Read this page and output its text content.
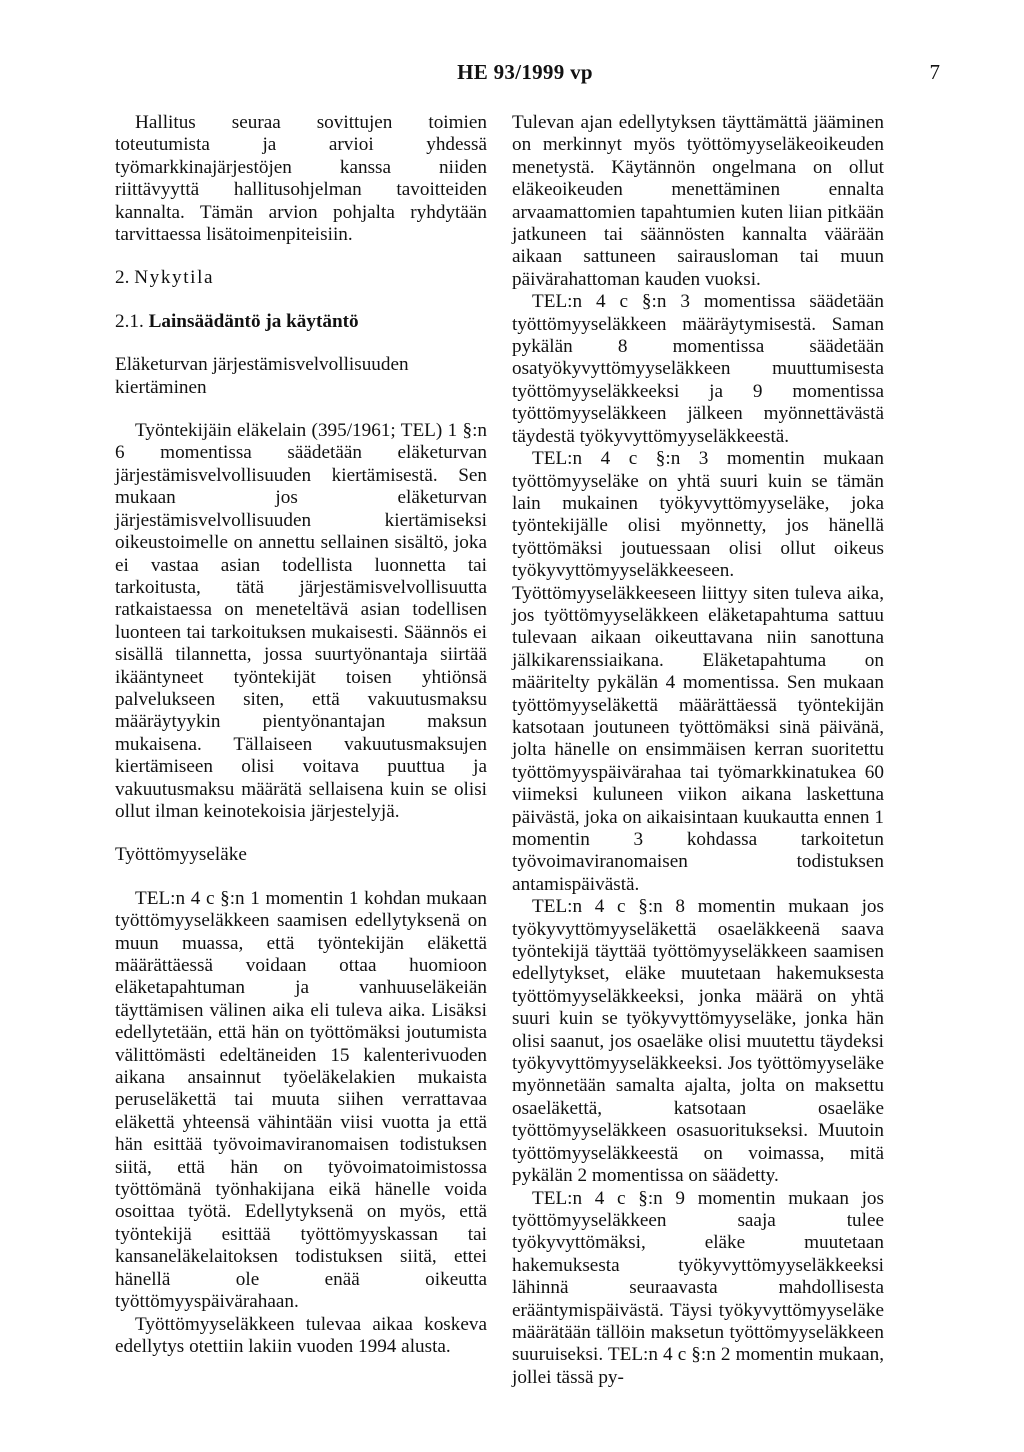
HE 93/1999 vp	7

Hallitus seuraa sovittujen toimien toteutumista ja arvioi yhdessä työmarkkinajärjestöjen kanssa niiden riittävyyttä hallitusohjelman tavoitteiden kannalta. Tämän arvion pohjalta ryhdytään tarvittaessa lisätoimenpiteisiin.

2. Nykytila

2.1. Lainsäädäntö ja käytäntö

Eläketurvan järjestämisvelvollisuuden kiertäminen

Työntekijäin eläkelain (395/1961; TEL) 1 §:n 6 momentissa säädetään eläketurvan järjestämisvelvollisuuden kiertämisestä. Sen mukaan jos eläketurvan järjestämisvelvollisuuden kiertämiseksi oikeustoimelle on annettu sellainen sisältö, joka ei vastaa asian todellista luonnetta tai tarkoitusta, tätä järjestämisvelvollisuutta ratkaistaessa on meneteltävä asian todellisen luonteen tai tarkoituksen mukaisesti. Säännös ei sisällä tilannetta, jossa suurtyönantaja siirtää ikääntyneet työntekijät toisen yhtiönsä palvelukseen siten, että vakuutusmaksu määräytyykin pientyönantajan maksun mukaisena. Tällaiseen vakuutusmaksujen kiertämiseen olisi voitava puuttua ja vakuutusmaksu määrätä sellaisena kuin se olisi ollut ilman keinotekoisia järjestelyjä.

Työttömyyseläke

TEL:n 4 c §:n 1 momentin 1 kohdan mukaan työttömyyseläkkeen saamisen edellytyksenä on muun muassa, että työntekijän eläkettä määrättäessä voidaan ottaa huomioon eläketapahtuman ja vanhuuseläkeiän täyttämisen välinen aika eli tuleva aika. Lisäksi edellytetään, että hän on työttömäksi joutumista välittömästi edeltäneiden 15 kalenterivuoden aikana ansainnut työeläkelakien mukaista peruseläkettä tai muuta siihen verrattavaa eläkettä yhteensä vähintään viisi vuotta ja että hän esittää työvoimaviranomaisen todistuksen siitä, että hän on työvoimatoimistossa työttömänä työnhakijana eikä hänelle voida osoittaa työtä. Edellytyksenä on myös, että työntekijä esittää työttömyyskassan tai kansaneläkelaitoksen todistuksen siitä, ettei hänellä ole enää oikeutta työttömyyspäivärahaan.

Työttömyyseläkkeen tulevaa aikaa koskeva edellytys otettiin lakiin vuoden 1994 alusta.

Tulevan ajan edellytyksen täyttämättä jääminen on merkinnyt myös työttömyyseläkeoikeuden menetystä. Käytännön ongelmana on ollut eläkeoikeuden menettäminen ennalta arvaamattomien tapahtumien kuten liian pitkään jatkuneen tai säännösten kannalta väärään aikaan sattuneen sairausloman tai muun päivärahattoman kauden vuoksi.

TEL:n 4 c §:n 3 momentissa säädetään työttömyyseläkkeen määräytymisestä. Saman pykälän 8 momentissa säädetään osatyökyvyttömyyseläkkeen muuttumisesta työttömyyseläkkeeksi ja 9 momentissa työttömyyseläkkeen jälkeen myönnettävästä täydestä työkyvyttömyyseläkkeestä.

TEL:n 4 c §:n 3 momentin mukaan työttömyyseläke on yhtä suuri kuin se tämän lain mukainen työkyvyttömyyseläke, joka työntekijälle olisi myönnetty, jos hänellä työttömäksi joutuessaan olisi ollut oikeus työkyvyttömyyseläkkeeseen. Työttömyyseläkkeeseen liittyy siten tuleva aika, jos työttömyyseläkkeen eläketapahtuma sattuu tulevaan aikaan oikeuttavana niin sanottuna jälkikarenssiaikana. Eläketapahtuma on määritelty pykälän 4 momentissa. Sen mukaan työttömyyseläkettä määrättäessä työntekijän katsotaan joutuneen työttömäksi sinä päivänä, jolta hänelle on ensimmäisen kerran suoritettu työttömyyspäivärahaa tai työmarkkinatukea 60 viimeksi kuluneen viikon aikana laskettuna päivästä, joka on aikaisintaan kuukautta ennen 1 momentin 3 kohdassa tarkoitetun työvoimaviranomaisen todistuksen antamispäivästä.

TEL:n 4 c §:n 8 momentin mukaan jos työkyvyttömyyseläkettä osaeläkkeenä saava työntekijä täyttää työttömyyseläkkeen saamisen edellytykset, eläke muutetaan hakemuksesta työttömyyseläkkeeksi, jonka määrä on yhtä suuri kuin se työkyvyttömyyseläke, jonka hän olisi saanut, jos osaeläke olisi muutettu täydeksi työkyvyttömyyseläkkeeksi. Jos työttömyyseläke myönnetään samalta ajalta, jolta on maksettu osaeläkettä, katsotaan osaeläke työttömyyseläkkeen osasuoritukseksi. Muutoin työttömyyseläkkeestä on voimassa, mitä pykälän 2 momentissa on säädetty.

TEL:n 4 c §:n 9 momentin mukaan jos työttömyyseläkkeen saaja tulee työkyvyttömäksi, eläke muutetaan hakemuksesta työkyvyttömyyseläkkeeksi lähinnä seuraavasta mahdollisesta erääntymispäivästä. Täysi työkyvyttömyyseläke määrätään tällöin maksetun työttömyyseläkkeen suuruiseksi. TEL:n 4 c §:n 2 momentin mukaan, jollei tässä py-
